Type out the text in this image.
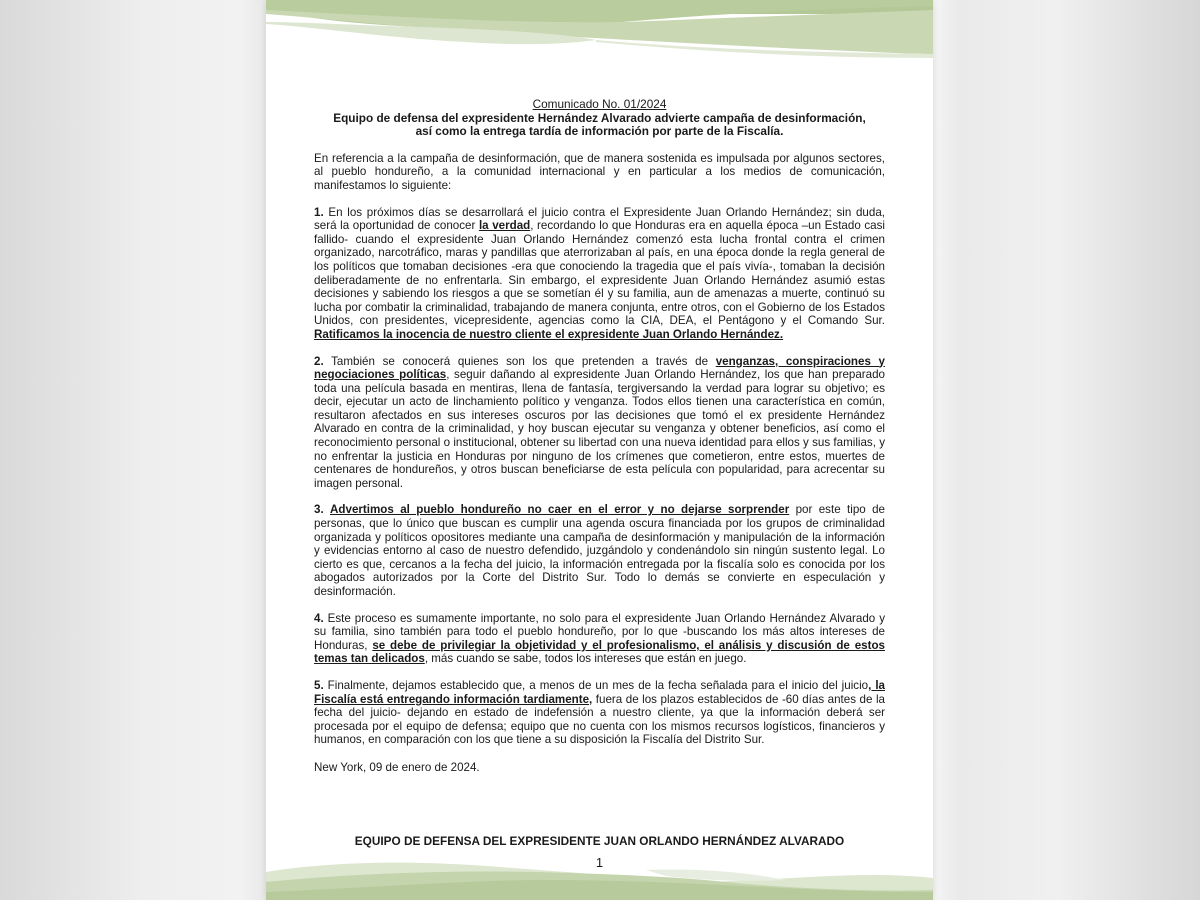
Comunicado No. 01/2024
Equipo de defensa del expresidente Hernández Alvarado advierte campaña de desinformación,
así como la entrega tardía de información por parte de la Fiscalía.
En referencia a la campaña de desinformación, que de manera sostenida es impulsada por algunos sectores, al pueblo hondureño, a la comunidad internacional y en particular a los medios de comunicación, manifestamos lo siguiente:
1. En los próximos días se desarrollará el juicio contra el Expresidente Juan Orlando Hernández; sin duda, será la oportunidad de conocer la verdad, recordando lo que Honduras era en aquella época –un Estado casi fallido- cuando el expresidente Juan Orlando Hernández comenzó esta lucha frontal contra el crimen organizado, narcotráfico, maras y pandillas que aterrorizaban al país, en una época donde la regla general de los políticos que tomaban decisiones -era que conociendo la tragedia que el país vivía-, tomaban la decisión deliberadamente de no enfrentarla. Sin embargo, el expresidente Juan Orlando Hernández asumió estas decisiones y sabiendo los riesgos a que se sometían él y su familia, aun de amenazas a muerte, continuó su lucha por combatir la criminalidad, trabajando de manera conjunta, entre otros, con el Gobierno de los Estados Unidos, con presidentes, vicepresidente, agencias como la CIA, DEA, el Pentágono y el Comando Sur. Ratificamos la inocencia de nuestro cliente el expresidente Juan Orlando Hernández.
2. También se conocerá quienes son los que pretenden a través de venganzas, conspiraciones y negociaciones políticas, seguir dañando al expresidente Juan Orlando Hernández, los que han preparado toda una película basada en mentiras, llena de fantasía, tergiversando la verdad para lograr su objetivo; es decir, ejecutar un acto de linchamiento político y venganza. Todos ellos tienen una característica en común, resultaron afectados en sus intereses oscuros por las decisiones que tomó el ex presidente Hernández Alvarado en contra de la criminalidad, y hoy buscan ejecutar su venganza y obtener beneficios, así como el reconocimiento personal o institucional, obtener su libertad con una nueva identidad para ellos y sus familias, y no enfrentar la justicia en Honduras por ninguno de los crímenes que cometieron, entre estos, muertes de centenares de hondureños, y otros buscan beneficiarse de esta película con popularidad, para acrecentar su imagen personal.
3. Advertimos al pueblo hondureño no caer en el error y no dejarse sorprender por este tipo de personas, que lo único que buscan es cumplir una agenda oscura financiada por los grupos de criminalidad organizada y políticos opositores mediante una campaña de desinformación y manipulación de la información y evidencias entorno al caso de nuestro defendido, juzgándolo y condenándolo sin ningún sustento legal. Lo cierto es que, cercanos a la fecha del juicio, la información entregada por la fiscalía solo es conocida por los abogados autorizados por la Corte del Distrito Sur. Todo lo demás se convierte en especulación y desinformación.
4. Este proceso es sumamente importante, no solo para el expresidente Juan Orlando Hernández Alvarado y su familia, sino también para todo el pueblo hondureño, por lo que -buscando los más altos intereses de Honduras, se debe de privilegiar la objetividad y el profesionalismo, el análisis y discusión de estos temas tan delicados, más cuando se sabe, todos los intereses que están en juego.
5. Finalmente, dejamos establecido que, a menos de un mes de la fecha señalada para el inicio del juicio, la Fiscalía está entregando información tardiamente, fuera de los plazos establecidos de -60 días antes de la fecha del juicio- dejando en estado de indefensión a nuestro cliente, ya que la información deberá ser procesada por el equipo de defensa; equipo que no cuenta con los mismos recursos logísticos, financieros y humanos, en comparación con los que tiene a su disposición la Fiscalía del Distrito Sur.
New York, 09 de enero de 2024.
EQUIPO DE DEFENSA DEL EXPRESIDENTE JUAN ORLANDO HERNÁNDEZ ALVARADO
1
